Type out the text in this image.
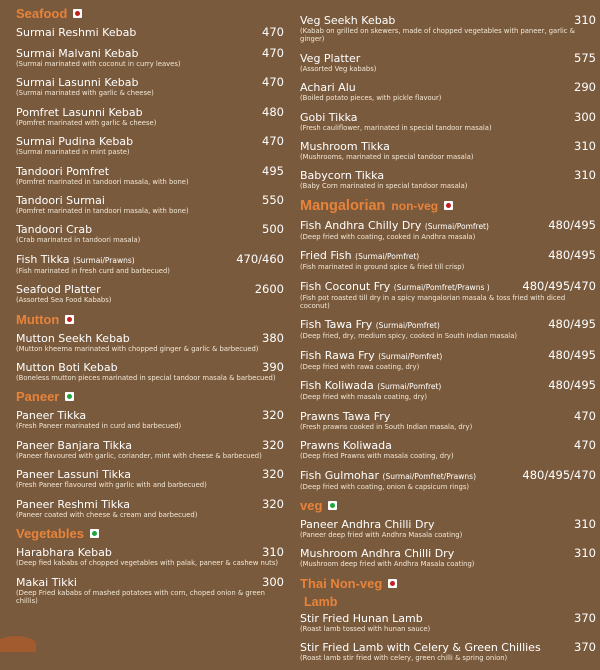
Seafood
Surmai Reshmi Kebab	470
Surmai Malvani Kebab	470
(Surmai marinated with coconut in curry leaves)
Surmai Lasunni Kebab	470
(Surmai marinated with garlic & cheese)
Pomfret Lasunni Kebab	480
(Pomfret marinated with garlic & cheese)
Surmai Pudina Kebab	470
(Surmai marinated in mint paste)
Tandoori Pomfret	495
(Pomfret marinated in tandoori masala, with bone)
Tandoori Surmai	550
(Pomfret marinated in tandoori masala, with bone)
Tandoori Crab	500
(Crab marinated in tandoori masala)
Fish Tikka (Surmai/Prawns)	470/460
(Fish marinated in fresh curd and barbecued)
Seafood Platter	2600
(Assorted Sea Food Kababs)
Mutton
Mutton Seekh Kebab	380
(Mutton kheema marinated with chopped ginger & garlic & barbecued)
Mutton Boti Kebab	390
(Boneless mutton pieces marinated in special tandoor masala & barbecued)
Paneer
Paneer Tikka	320
(Fresh Paneer marinated in curd and barbecued)
Paneer Banjara Tikka	320
(Paneer flavoured with garlic, coriander, mint with cheese & barbecued)
Paneer Lassuni Tikka	320
(Fresh Paneer flavoured with garlic with and barbecued)
Paneer Reshmi Tikka	320
(Paneer coated with cheese & cream and barbecued)
Vegetables
Harabhara Kebab	310
(Deep fied kababs of chopped vegetables with palak, paneer & cashew nuts)
Makai Tikki	300
(Deep Fried kababs of mashed potatoes with corn, choped onion & green chillis)
Veg Seekh Kebab	310
(Kabab on grilled on skewers, made of chopped vegetables with paneer, garlic & ginger)
Veg Platter	575
(Assorted Veg kababs)
Achari Alu	290
(Boiled potato pieces, with pickle flavour)
Gobi Tikka	300
(Fresh cauliflower, marinated in special tandoor masala)
Mushroom Tikka	310
(Mushrooms, marinated in special tandoor masala)
Babycorn Tikka	310
(Baby Corn marinated in special tandoor masala)
Mangalorian non-veg
Fish Andhra Chilly Dry (Surmai/Pomfret)	480/495
(Deep fried with coating, cooked in Andhra masala)
Fried Fish (Surmai/Pomfret)	480/495
(Fish marinated in ground spice & fried till crisp)
Fish Coconut Fry (Surmai/Pomfret/Prawns )	480/495/470
(Fish pot roasted till dry in a spicy mangalorian masala & toss fried with diced coconut)
Fish Tawa Fry (Surmai/Pomfret)	480/495
(Deep fried, dry, medium spicy, cooked in South Indian masala)
Fish Rawa Fry (Surmai/Pomfret)	480/495
(Deep fried with rawa coating, dry)
Fish Koliwada (Surmai/Pomfret)	480/495
(Deep fried with masala coating, dry)
Prawns Tawa Fry	470
(Fresh prawns cooked in South Indian masala, dry)
Prawns Koliwada	470
(Deep fried Prawns with masala coating, dry)
Fish Gulmohar (Surmai/Pomfret/Prawns)	480/495/470
(Deep fried with coating, onion & capsicum rings)
veg
Paneer Andhra Chilli Dry	310
(Paneer deep fried with Andhra Masala coating)
Mushroom Andhra Chilli Dry	310
(Mushroom deep fried with Andhra Masala coating)
Thai Non-veg
Lamb
Stir Fried Hunan Lamb	370
(Roast lamb tossed with hunan sauce)
Stir Fried Lamb with Celery & Green Chillies	370
(Roast lamb stir fried with celery, green chilli & spring onion)
